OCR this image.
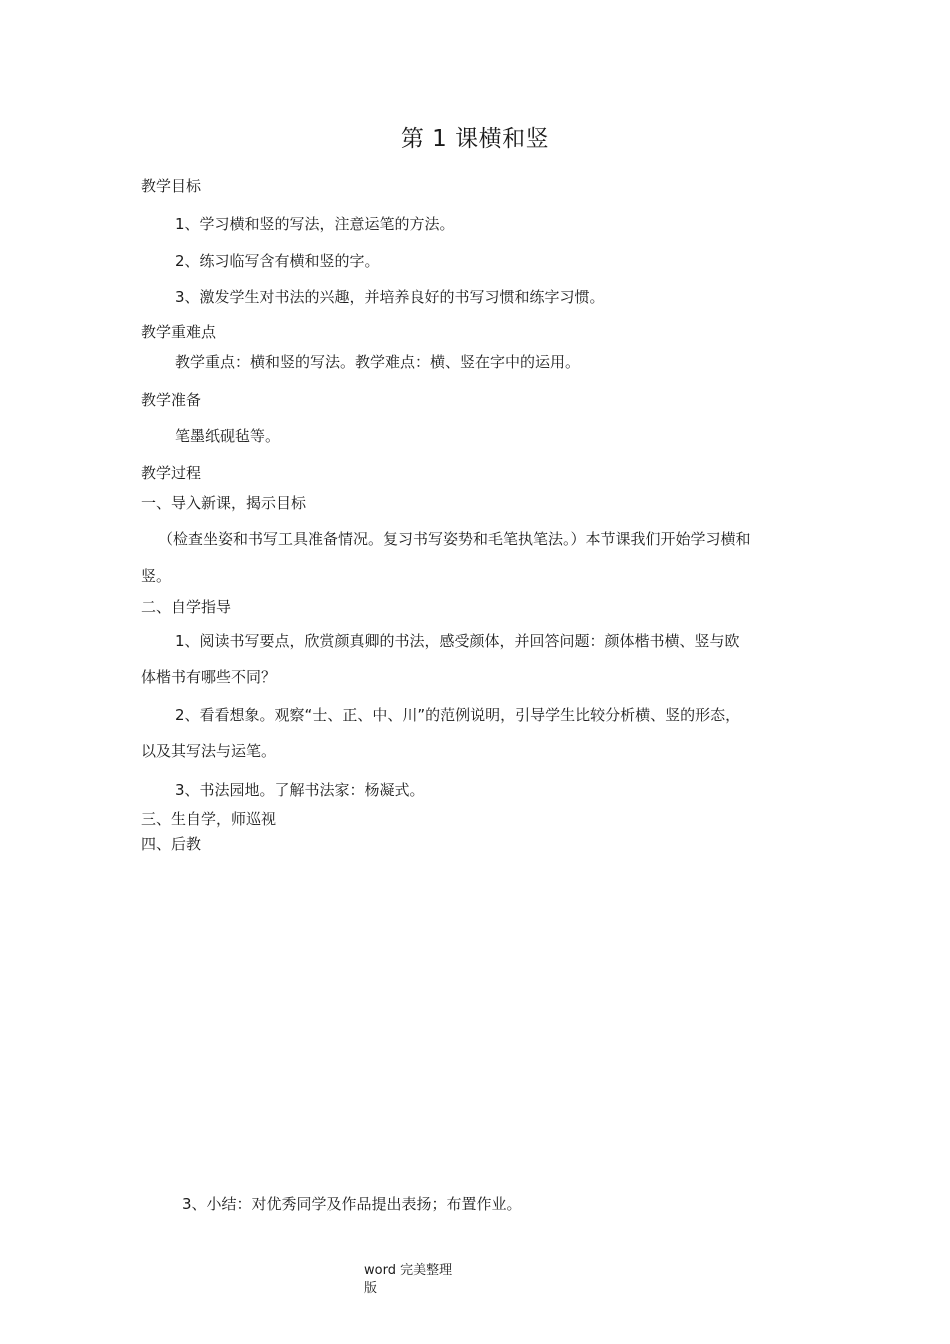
第 1 课横和竖
教学目标
1、学习横和竖的写法，注意运笔的方法。
2、练习临写含有横和竖的字。
3、激发学生对书法的兴趣，并培养良好的书写习惯和练字习惯。
教学重难点
教学重点：横和竖的写法。教学难点：横、竖在字中的运用。
教学准备
笔墨纸砚毡等。
教学过程
一、导入新课，揭示目标
（检查坐姿和书写工具准备情况。复习书写姿势和毛笔执笔法。）本节课我们开始学习横和
竖。
二、自学指导
1、阅读书写要点，欣赏颜真卿的书法，感受颜体，并回答问题：颜体楷书横、竖与欧
体楷书有哪些不同？
2、看看想象。观察“士、正、中、川”的范例说明，引导学生比较分析横、竖的形态，
以及其写法与运笔。
3、书法园地。了解书法家：杨凝式。
三、生自学，师巡视
四、后教
3、小结：对优秀同学及作品提出表扬；布置作业。
word 完美整理
版
